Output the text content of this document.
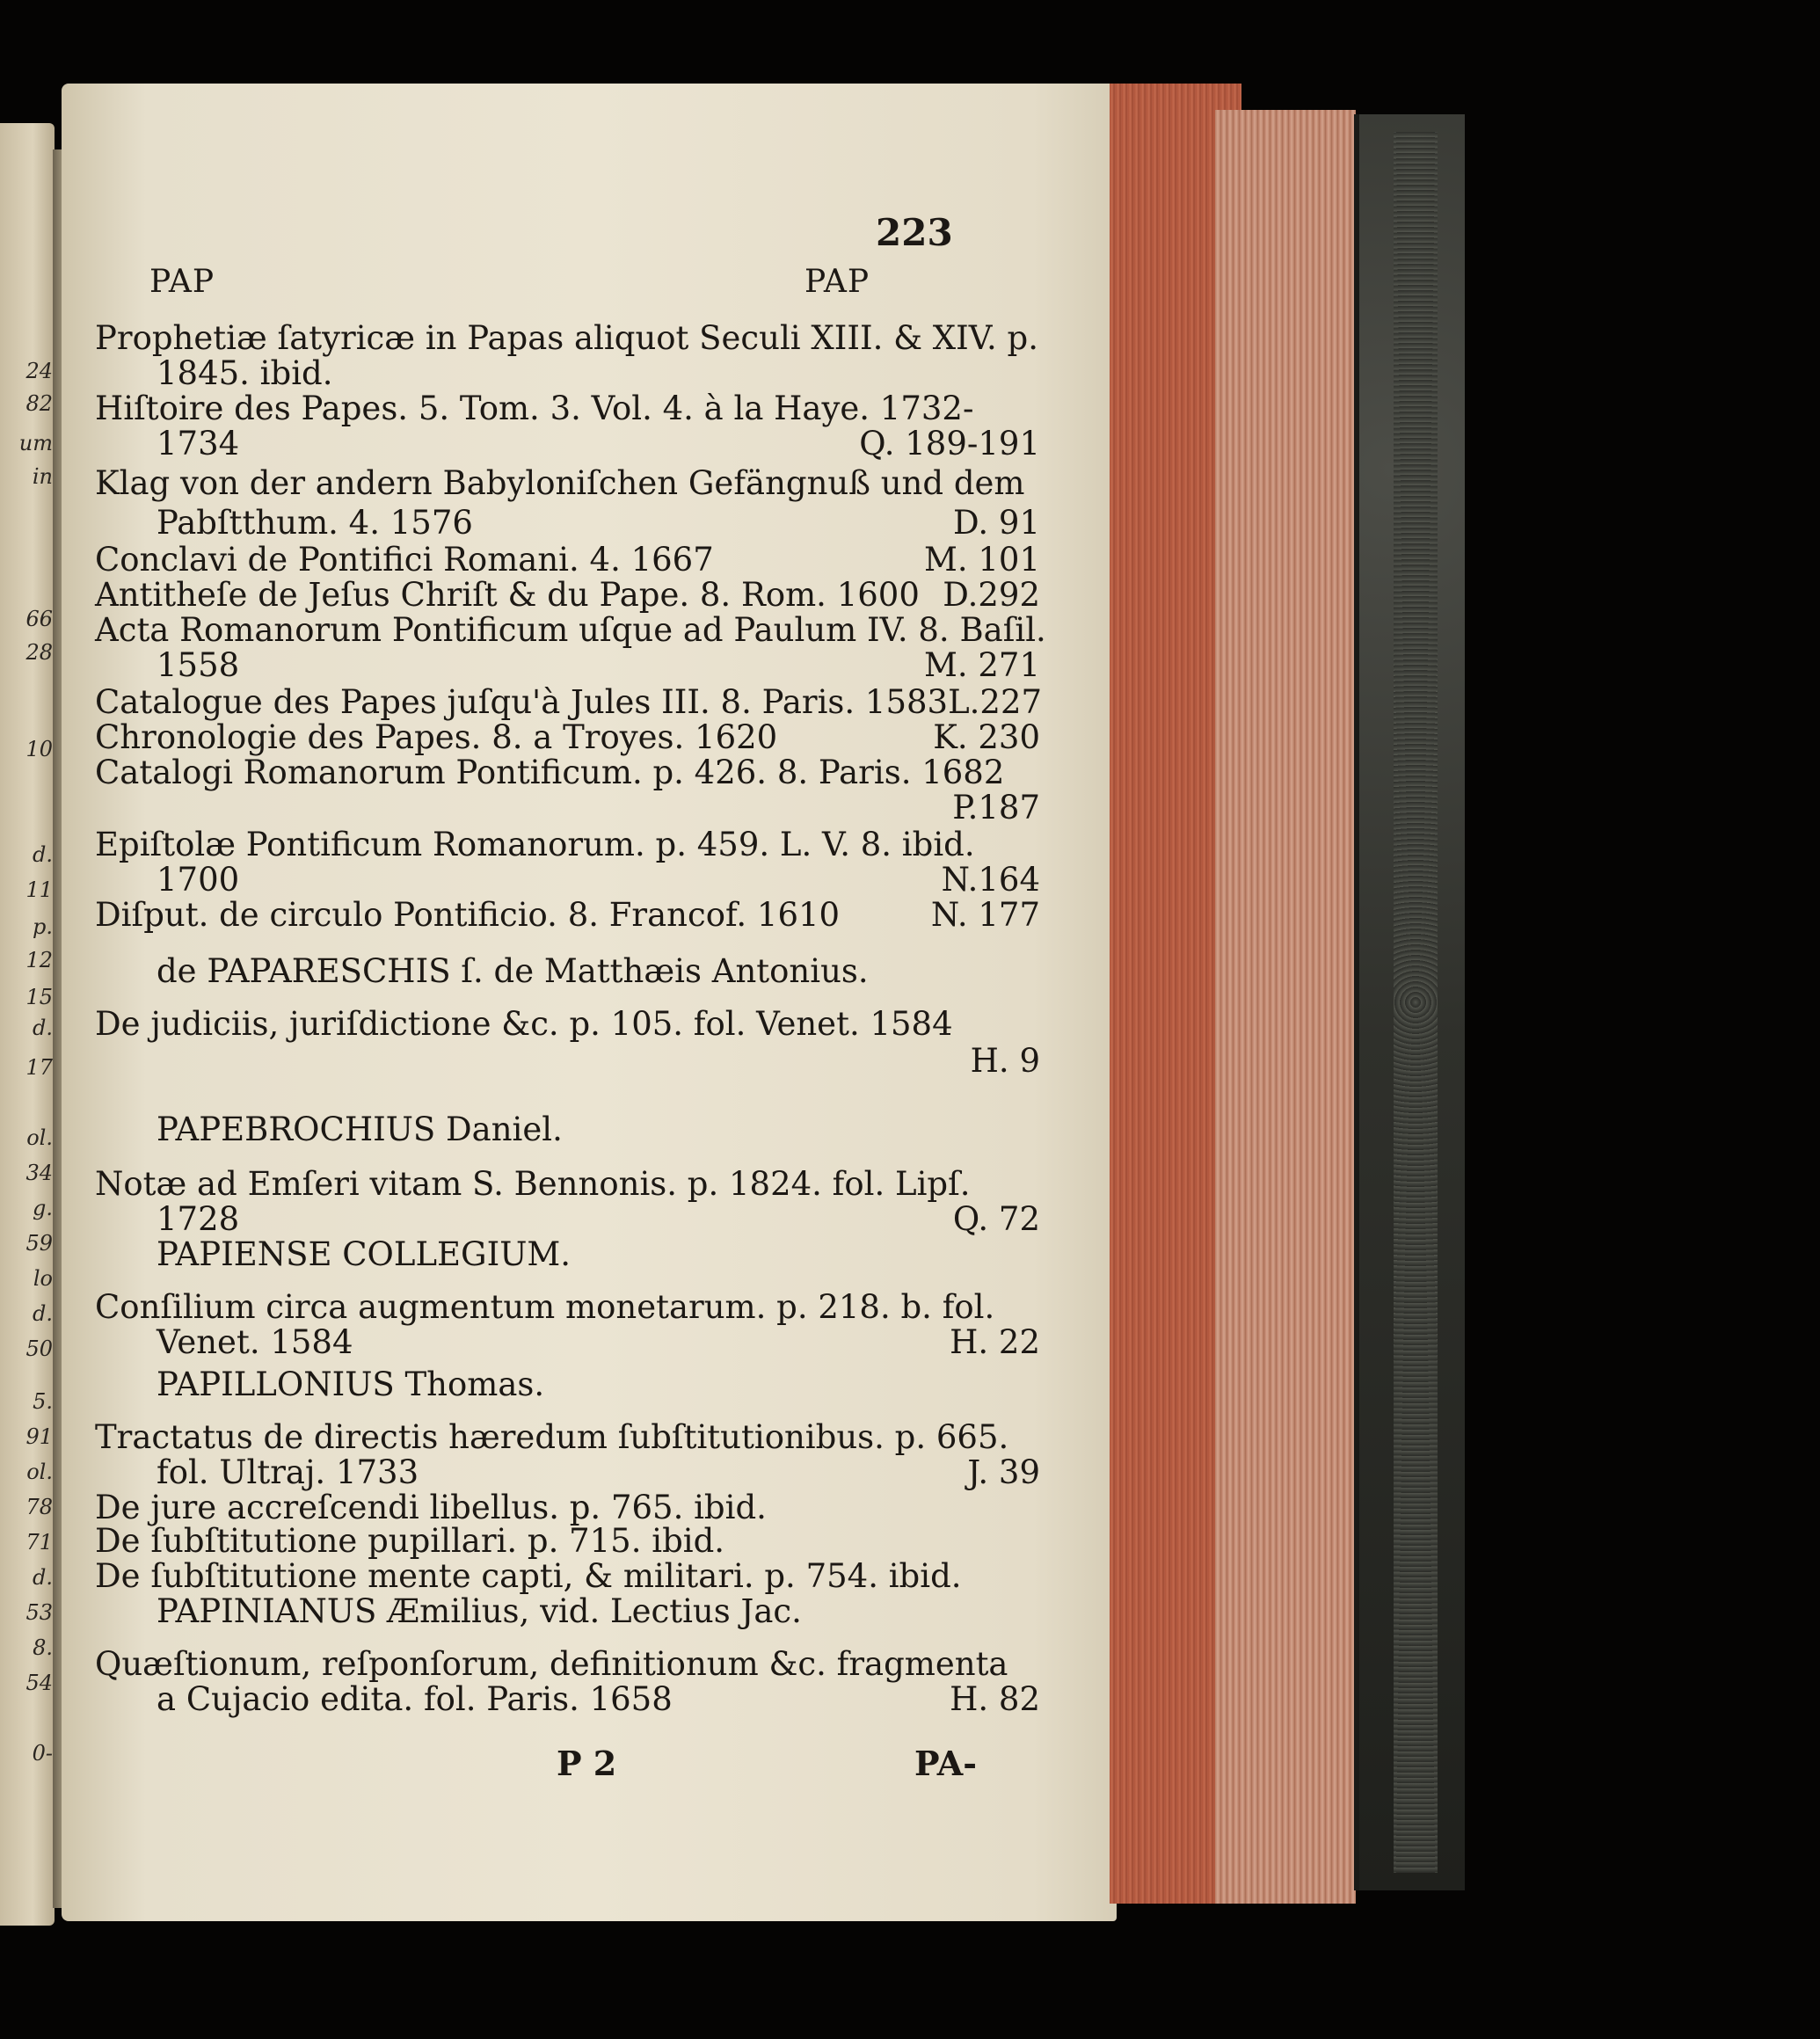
24
82
um
in
66
28
10
d.
11
p.
12
15
d.
17
ol.
34
g.
59
lo
d.
50
5.
91
ol.
78
71
d.
53
8.
54
0-
223
PAP	PAP
Prophetiæ ſatyricæ in Papas aliquot Seculi XIII. & XIV. p.
1845. ibid.
Hiſtoire des Papes. 5. Tom. 3. Vol. 4. à la Haye. 1732-
1734	Q. 189-191
Klag von der andern Babyloniſchen Gefängnuß und dem
Pabſtthum. 4. 1576	D. 91
Conclavi de Pontifici Romani. 4. 1667	M. 101
Antitheſe de Jeſus Chriſt & du Pape. 8. Rom. 1600 D.292
Acta Romanorum Pontificum uſque ad Paulum IV. 8. Baſil.
1558	M. 271
Catalogue des Papes juſqu'à Jules III. 8. Paris. 1583 L.227
Chronologie des Papes. 8. a Troyes. 1620	K. 230
Catalogi Romanorum Pontificum. p. 426. 8. Paris. 1682
P.187
Epiſtolæ Pontificum Romanorum. p. 459. L. V. 8. ibid.
1700	N.164
Diſput. de circulo Pontificio. 8. Francof. 1610	N. 177
De judiciis, juriſdictione &c. p. 105. fol. Venet. 1584
H. 9
Notæ ad Emſeri vitam S. Bennonis. p. 1824. fol. Lipſ.
1728	Q. 72
Conſilium circa augmentum monetarum. p. 218. b. fol.
Venet. 1584	H. 22
Tractatus de directis hæredum ſubſtitutionibus. p. 665.
fol. Ultraj. 1733	J. 39
De jure accreſcendi libellus. p. 765. ibid.
De ſubſtitutione pupillari. p. 715. ibid.
De ſubſtitutione mente capti, & militari. p. 754. ibid.
Quæſtionum, reſponſorum, definitionum &c. fragmenta
a Cujacio edita. fol. Paris. 1658	H. 82
de PAPARESCHIS ſ. de Matthæis Antonius.
PAPEBROCHIUS Daniel.
PAPIENSE COLLEGIUM.
PAPILLONIUS Thomas.
PAPINIANUS Æmilius, vid. Lectius Jac.
P 2	PA-
